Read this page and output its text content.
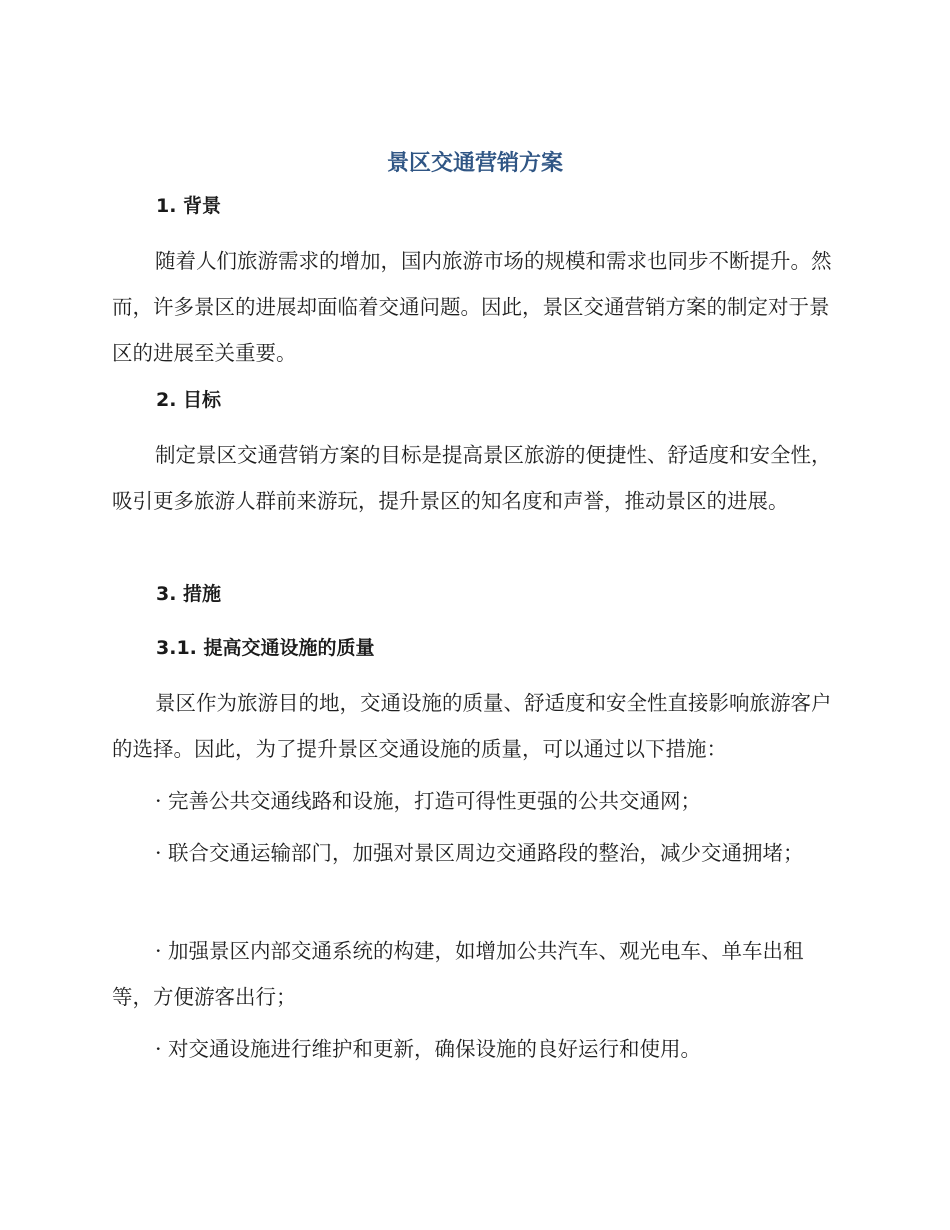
景区交通营销方案
1. 背景

随着人们旅游需求的增加，国内旅游市场的规模和需求也同步不断提升。然而，许多景区的进展却面临着交通问题。因此，景区交通营销方案的制定对于景区的进展至关重要。

2. 目标

制定景区交通营销方案的目标是提高景区旅游的便捷性、舒适度和安全性，吸引更多旅游人群前来游玩，提升景区的知名度和声誉，推动景区的进展。

3. 措施
3.1. 提高交通设施的质量

景区作为旅游目的地，交通设施的质量、舒适度和安全性直接影响旅游客户的选择。因此，为了提升景区交通设施的质量，可以通过以下措施：

· 完善公共交通线路和设施，打造可得性更强的公共交通网；

· 联合交通运输部门，加强对景区周边交通路段的整治，减少交通拥堵；

· 加强景区内部交通系统的构建，如增加公共汽车、观光电车、单车出租等，方便游客出行；

· 对交通设施进行维护和更新，确保设施的良好运行和使用。
